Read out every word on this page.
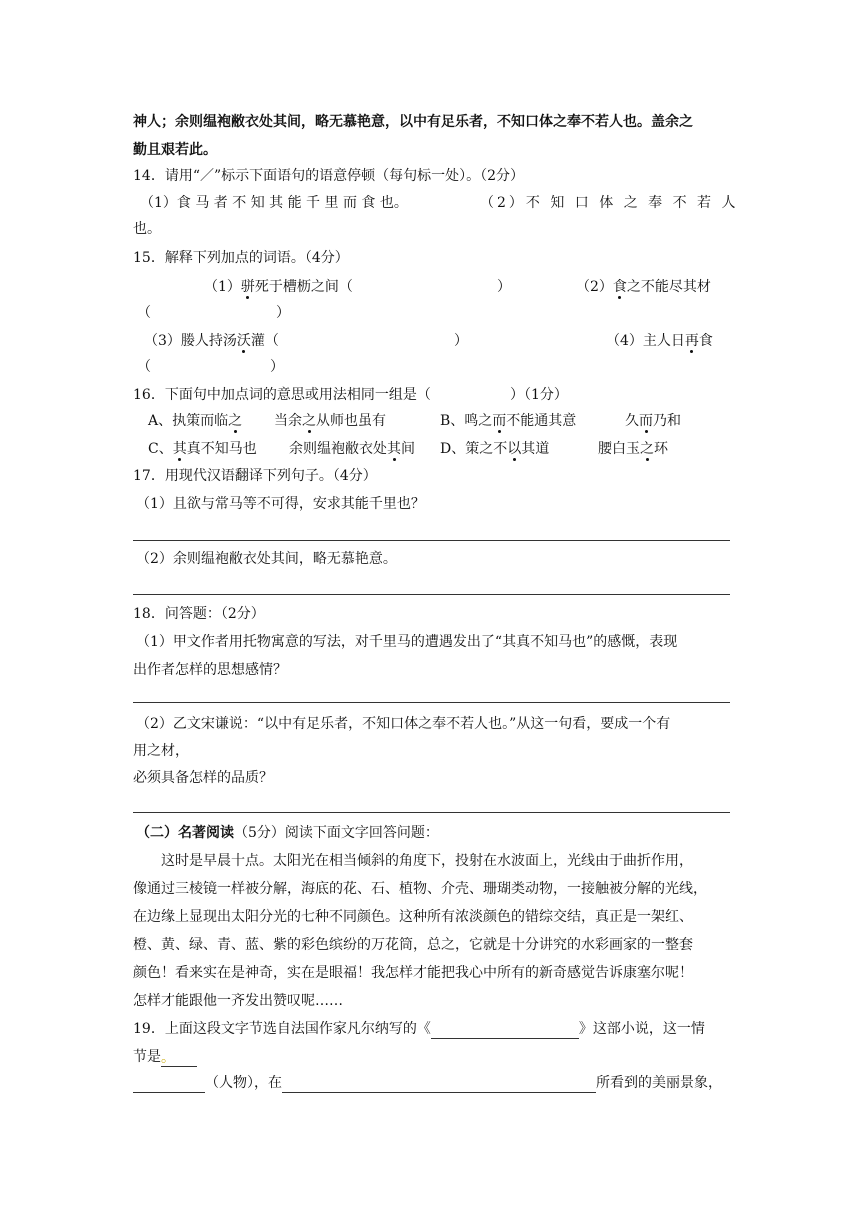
神人；余则缊袍敝衣处其间，略无慕艳意，以中有足乐者，不知口体之奉不若人也。盖余之
勤且艰若此。
14．请用“／”标示下面语句的语意停顿（每句标一处）。（2分）
（1）食 马 者 不 知 其 能 千 里 而 食 也。	（2）不 知 口 体 之 奉 不 若 人
也。
15．解释下列加点的词语。（4分）
（1）骈死于槽枥之间（	）	（2）食之不能尽其材
（	）
（3）媵人持汤沃灌（	）	（4）主人日再食
（	）
16．下面句中加点词的意思或用法相同一组是（	）（1分）
A、执策而临之 当余之从师也虽有	B、鸣之而不能通其意	久而乃和
C、其真不知马也 余则缊袍敝衣处其间 D、策之不以其道	腰白玉之环
17．用现代汉语翻译下列句子。（4分）
（1）且欲与常马等不可得，安求其能千里也？
（2）余则缊袍敝衣处其间，略无慕艳意。
18．问答题：（2分）
（1）甲文作者用托物寓意的写法，对千里马的遭遇发出了“其真不知马也”的感慨，表现
出作者怎样的思想感情？
（2）乙文宋谦说：“以中有足乐者，不知口体之奉不若人也。”从这一句看，要成一个有
用之材，
必须具备怎样的品质？
（二）名著阅读（5分）阅读下面文字回答问题：
这时是早晨十点。太阳光在相当倾斜的角度下，投射在水波面上，光线由于曲折作用，
像通过三棱镜一样被分解，海底的花、石、植物、介壳、珊瑚类动物，一接触被分解的光线，
在边缘上显现出太阳分光的七种不同颜色。这种所有浓淡颜色的错综交结，真正是一架红、
橙、黄、绿、青、蓝、紫的彩色缤纷的万花筒，总之，它就是十分讲究的水彩画家的一整套
颜色！看来实在是神奇，实在是眼福！我怎样才能把我心中所有的新奇感觉告诉康塞尔呢！
怎样才能跟他一齐发出赞叹呢……
19．上面这段文字节选自法国作家凡尔纳写的《	》这部小说，这一情
节是。
（人物），在	所看到的美丽景象，
